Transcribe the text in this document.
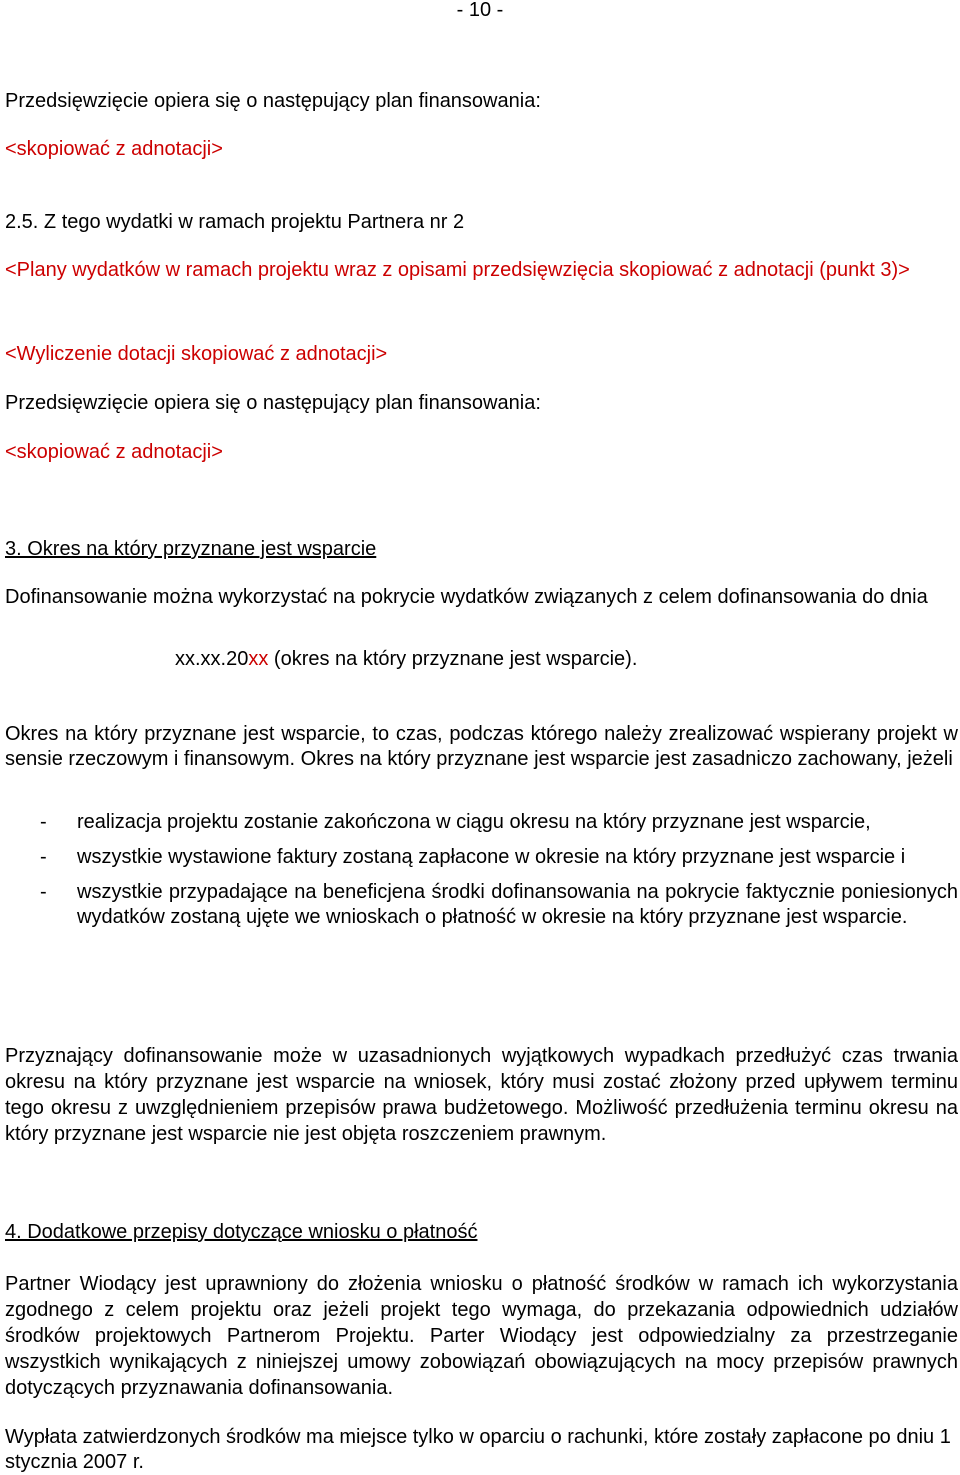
- 10 -

Przedsięwzięcie opiera się o następujący plan finansowania:

<skopiować z adnotacji>

2.5. Z tego wydatki w ramach projektu Partnera nr 2

<Plany wydatków w ramach projektu wraz z opisami przedsięwzięcia skopiować z adnotacji (punkt 3)>

<Wyliczenie dotacji skopiować z adnotacji>

Przedsięwzięcie opiera się o następujący plan finansowania:

<skopiować z adnotacji>

3. Okres na który przyznane jest wsparcie

Dofinansowanie można wykorzystać na pokrycie wydatków związanych z celem dofinansowania do dnia

xx.xx.20xx (okres na który przyznane jest wsparcie).

Okres na który przyznane jest wsparcie, to czas, podczas którego należy zrealizować wspierany projekt w sensie rzeczowym i finansowym. Okres na który przyznane jest wsparcie jest zasadniczo zachowany, jeżeli

- realizacja projektu zostanie zakończona w ciągu okresu na który przyznane jest wsparcie,
- wszystkie wystawione faktury zostaną zapłacone w okresie na który przyznane jest wsparcie i
- wszystkie przypadające na beneficjena środki dofinansowania na pokrycie faktycznie poniesionych wydatków zostaną ujęte we wnioskach o płatność w okresie na który przyznane jest wsparcie.

Przyznający dofinansowanie może w uzasadnionych wyjątkowych wypadkach przedłużyć czas trwania okresu na który przyznane jest wsparcie na wniosek, który musi zostać złożony przed upływem terminu tego okresu z uwzględnieniem przepisów prawa budżetowego. Możliwość przedłużenia terminu okresu na który przyznane jest wsparcie nie jest objęta roszczeniem prawnym.

4. Dodatkowe przepisy dotyczące wniosku o płatność

Partner Wiodący jest uprawniony do złożenia wniosku o płatność środków w ramach ich wykorzystania zgodnego z celem projektu oraz jeżeli projekt tego wymaga, do przekazania odpowiednich udziałów środków projektowych Partnerom Projektu. Parter Wiodący jest odpowiedzialny za przestrzeganie wszystkich wynikających z niniejszej umowy zobowiązań obowiązujących na mocy przepisów prawnych dotyczących przyznawania dofinansowania.

Wypłata zatwierdzonych środków ma miejsce tylko w oparciu o rachunki, które zostały zapłacone po dniu 1 stycznia 2007 r.
